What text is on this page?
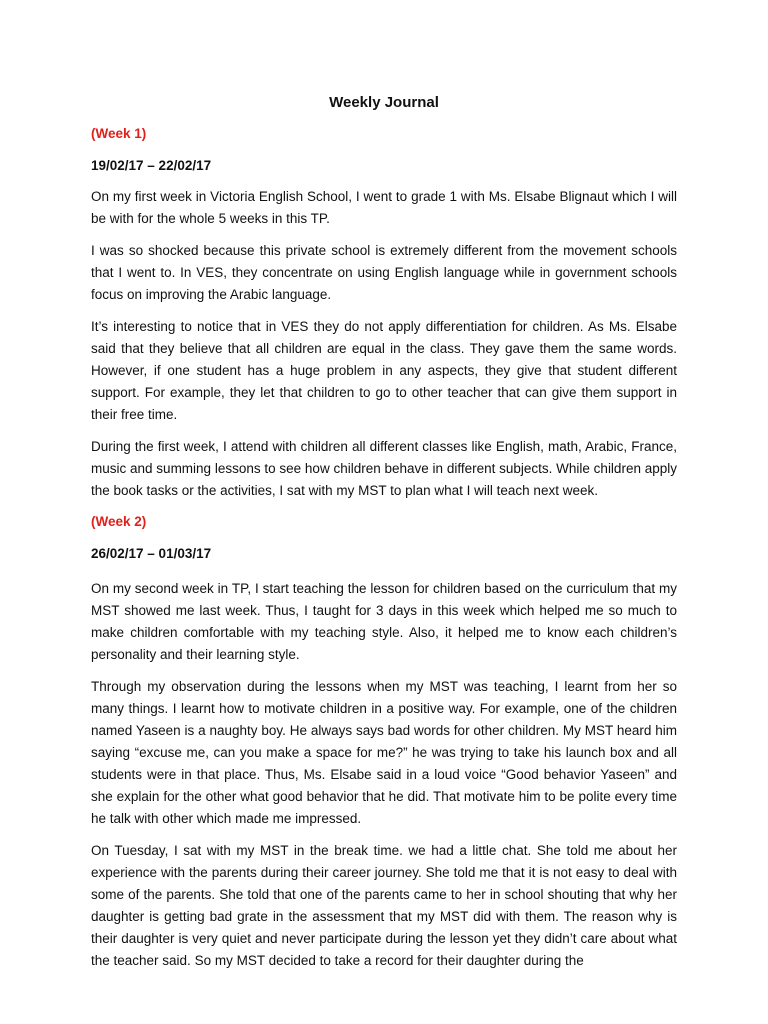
Weekly Journal
(Week 1)
19/02/17 – 22/02/17

On my first week in Victoria English School, I went to grade 1 with Ms. Elsabe Blignaut which I will be with for the whole 5 weeks in this TP.

I was so shocked because this private school is extremely different from the movement schools that I went to. In VES, they concentrate on using English language while in government schools focus on improving the Arabic language.

It’s interesting to notice that in VES they do not apply differentiation for children. As Ms. Elsabe said that they believe that all children are equal in the class. They gave them the same words. However, if one student has a huge problem in any aspects, they give that student different support. For example, they let that children to go to other teacher that can give them support in their free time.

During the first week, I attend with children all different classes like English, math, Arabic, France, music and summing lessons to see how children behave in different subjects. While children apply the book tasks or the activities, I sat with my MST to plan what I will teach next week.

(Week 2)
26/02/17 – 01/03/17

On my second week in TP, I start teaching the lesson for children based on the curriculum that my MST showed me last week. Thus, I taught for 3 days in this week which helped me so much to make children comfortable with my teaching style. Also, it helped me to know each children’s personality and their learning style.

Through my observation during the lessons when my MST was teaching, I learnt from her so many things. I learnt how to motivate children in a positive way. For example, one of the children named Yaseen is a naughty boy. He always says bad words for other children. My MST heard him saying “excuse me, can you make a space for me?” he was trying to take his launch box and all students were in that place. Thus, Ms. Elsabe said in a loud voice “Good behavior Yaseen” and she explain for the other what good behavior that he did. That motivate him to be polite every time he talk with other which made me impressed.

On Tuesday, I sat with my MST in the break time. we had a little chat. She told me about her experience with the parents during their career journey. She told me that it is not easy to deal with some of the parents. She told that one of the parents came to her in school shouting that why her daughter is getting bad grate in the assessment that my MST did with them. The reason why is their daughter is very quiet and never participate during the lesson yet they didn’t care about what the teacher said. So my MST decided to take a record for their daughter during the
